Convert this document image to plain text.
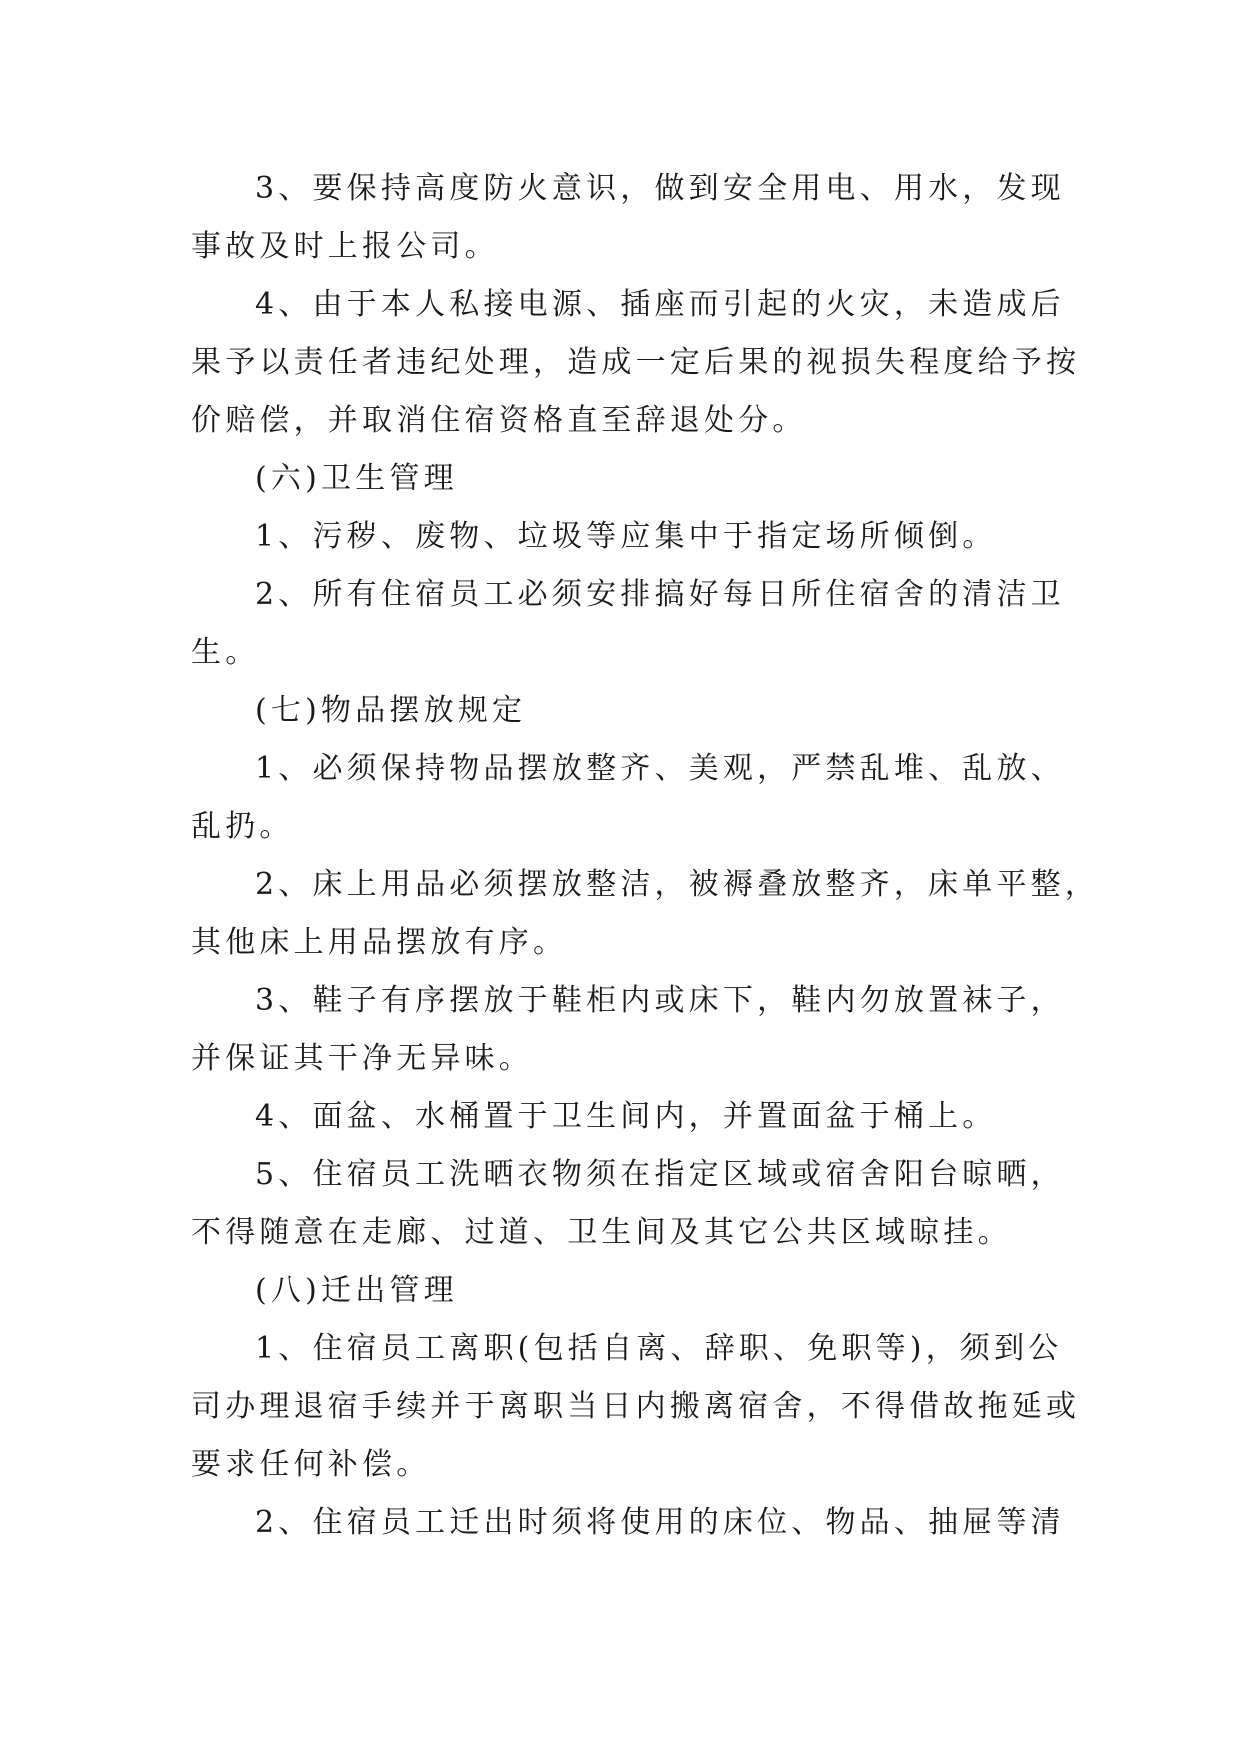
3、要保持高度防火意识，做到安全用电、用水，发现
事故及时上报公司。

4、由于本人私接电源、插座而引起的火灾，未造成后
果予以责任者违纪处理，造成一定后果的视损失程度给予按
价赔偿，并取消住宿资格直至辞退处分。

(六)卫生管理

1、污秽、废物、垃圾等应集中于指定场所倾倒。

2、所有住宿员工必须安排搞好每日所住宿舍的清洁卫
生。

(七)物品摆放规定

1、必须保持物品摆放整齐、美观，严禁乱堆、乱放、
乱扔。

2、床上用品必须摆放整洁，被褥叠放整齐，床单平整，
其他床上用品摆放有序。

3、鞋子有序摆放于鞋柜内或床下，鞋内勿放置袜子，
并保证其干净无异味。

4、面盆、水桶置于卫生间内，并置面盆于桶上。

5、住宿员工洗晒衣物须在指定区域或宿舍阳台晾晒，
不得随意在走廊、过道、卫生间及其它公共区域晾挂。

(八)迁出管理

1、住宿员工离职(包括自离、辞职、免职等)，须到公
司办理退宿手续并于离职当日内搬离宿舍，不得借故拖延或
要求任何补偿。

2、住宿员工迁出时须将使用的床位、物品、抽屉等清
